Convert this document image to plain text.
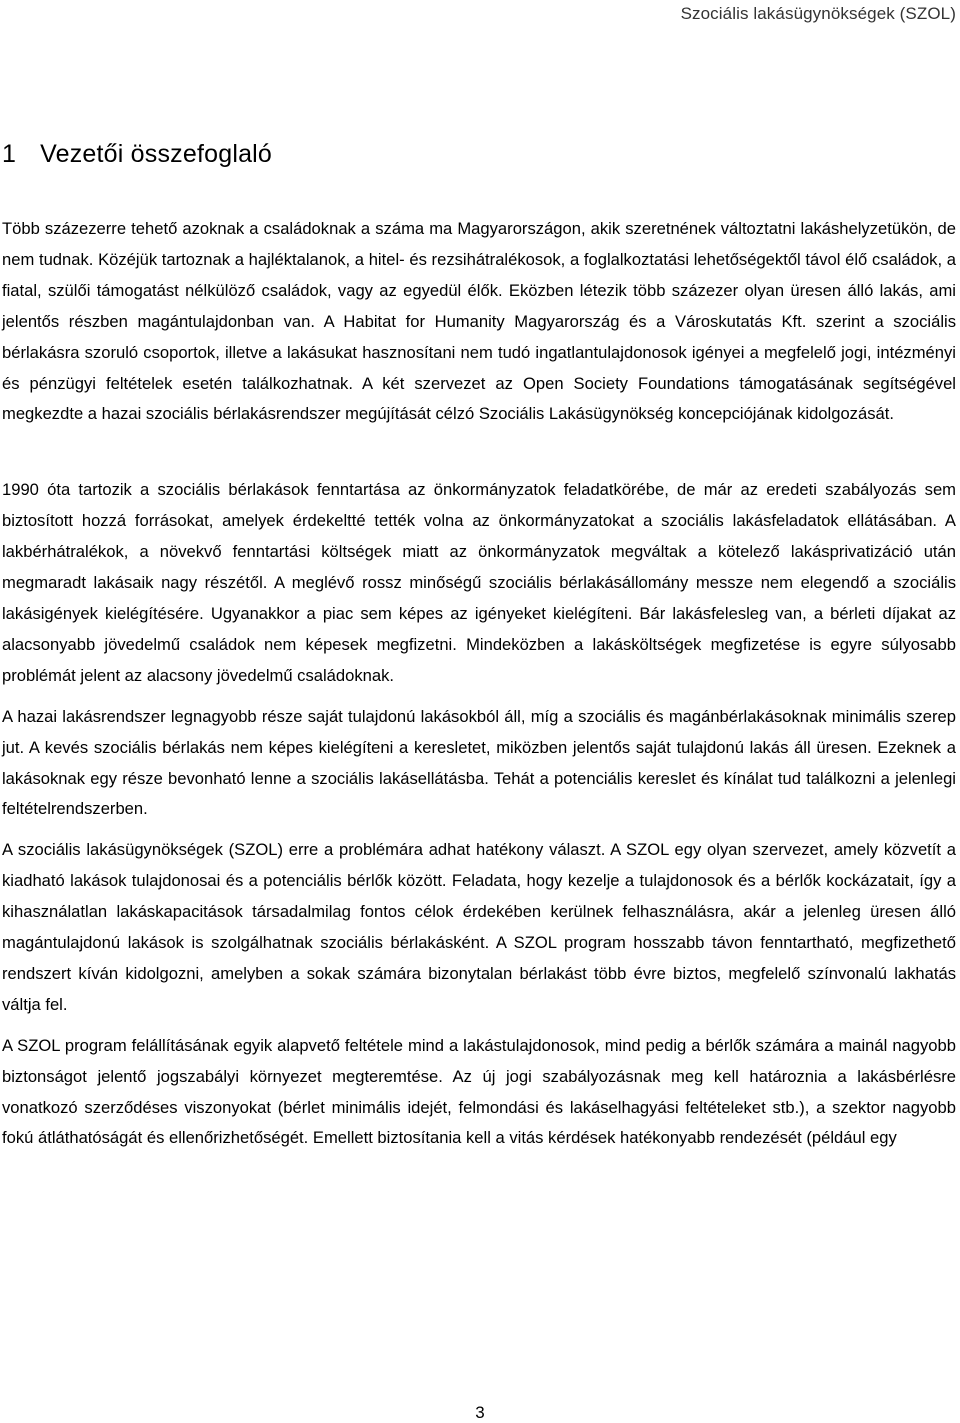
Szociális lakásügynökségek (SZOL)
1 Vezetői összefoglaló

Több százezerre tehető azoknak a családoknak a száma ma Magyarországon, akik szeretnének változtatni lakáshelyzetükön, de nem tudnak. Közéjük tartoznak a hajléktalanok, a hitel- és rezsihátralékosok, a foglalkoztatási lehetőségektől távol élő családok, a fiatal, szülői támogatást nélkülöző családok, vagy az egyedül élők. Eközben létezik több százezer olyan üresen álló lakás, ami jelentős részben magántulajdonban van. A Habitat for Humanity Magyarország és a Városkutatás Kft. szerint a szociális bérlakásra szoruló csoportok, illetve a lakásukat hasznosítani nem tudó ingatlantulajdonosok igényei a megfelelő jogi, intézményi és pénzügyi feltételek esetén találkozhatnak. A két szervezet az Open Society Foundations támogatásának segítségével megkezdte a hazai szociális bérlakásrendszer megújítását célzó Szociális Lakásügynökség koncepciójának kidolgozását.

1990 óta tartozik a szociális bérlakások fenntartása az önkormányzatok feladatkörébe, de már az eredeti szabályozás sem biztosított hozzá forrásokat, amelyek érdekeltté tették volna az önkormányzatokat a szociális lakásfeladatok ellátásában. A lakbérhátralékok, a növekvő fenntartási költségek miatt az önkormányzatok megváltak a kötelező lakásprivatizáció után megmaradt lakásaik nagy részétől. A meglévő rossz minőségű szociális bérlakásállomány messze nem elegendő a szociális lakásigények kielégítésére. Ugyanakkor a piac sem képes az igényeket kielégíteni. Bár lakásfelesleg van, a bérleti díjakat az alacsonyabb jövedelmű családok nem képesek megfizetni. Mindeközben a lakásköltségek megfizetése is egyre súlyosabb problémát jelent az alacsony jövedelmű családoknak.

A hazai lakásrendszer legnagyobb része saját tulajdonú lakásokból áll, míg a szociális és magánbérlakásoknak minimális szerep jut. A kevés szociális bérlakás nem képes kielégíteni a keresletet, miközben jelentős saját tulajdonú lakás áll üresen. Ezeknek a lakásoknak egy része bevonható lenne a szociális lakásellátásba. Tehát a potenciális kereslet és kínálat tud találkozni a jelenlegi feltételrendszerben.

A szociális lakásügynökségek (SZOL) erre a problémára adhat hatékony választ. A SZOL egy olyan szervezet, amely közvetít a kiadható lakások tulajdonosai és a potenciális bérlők között. Feladata, hogy kezelje a tulajdonosok és a bérlők kockázatait, így a kihasználatlan lakáskapacitások társadalmilag fontos célok érdekében kerülnek felhasználásra, akár a jelenleg üresen álló magántulajdonú lakások is szolgálhatnak szociális bérlakásként. A SZOL program hosszabb távon fenntartható, megfizethető rendszert kíván kidolgozni, amelyben a sokak számára bizonytalan bérlakást több évre biztos, megfelelő színvonalú lakhatás váltja fel.

A SZOL program felállításának egyik alapvető feltétele mind a lakástulajdonosok, mind pedig a bérlők számára a mainál nagyobb biztonságot jelentő jogszabályi környezet megteremtése. Az új jogi szabályozásnak meg kell határoznia a lakásbérlésre vonatkozó szerződéses viszonyokat (bérlet minimális idejét, felmondási és lakáselhagyási feltételeket stb.), a szektor nagyobb fokú átláthatóságát és ellenőrizhetőségét. Emellett biztosítania kell a vitás kérdések hatékonyabb rendezését (például egy

3
